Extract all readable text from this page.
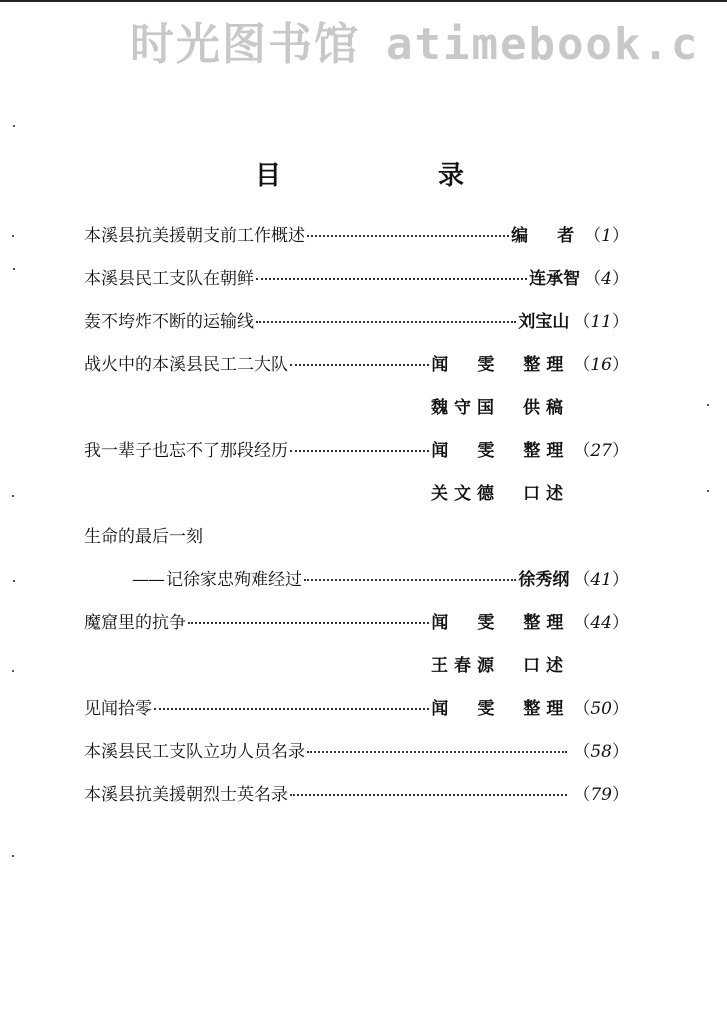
时光图书馆 atimebook.c
目	录
本溪县抗美援朝支前工作概述	编　者 （1）
本溪县民工支队在朝鲜	连承智 （4）
轰不垮炸不断的运输线	刘宝山 （11）
战火中的本溪县民工二大队	闻　雯　整理 （16）
魏守国　供稿
我一辈子也忘不了那段经历	闻　雯　整理 （27）
关文德　口述
生命的最后一刻
—— 记徐家忠殉难经过	徐秀纲 （41）
魔窟里的抗争	闻　雯　整理 （44）
王春源　口述
见闻拾零	闻　雯　整理 （50）
本溪县民工支队立功人员名录	（58）
本溪县抗美援朝烈士英名录	（79）
